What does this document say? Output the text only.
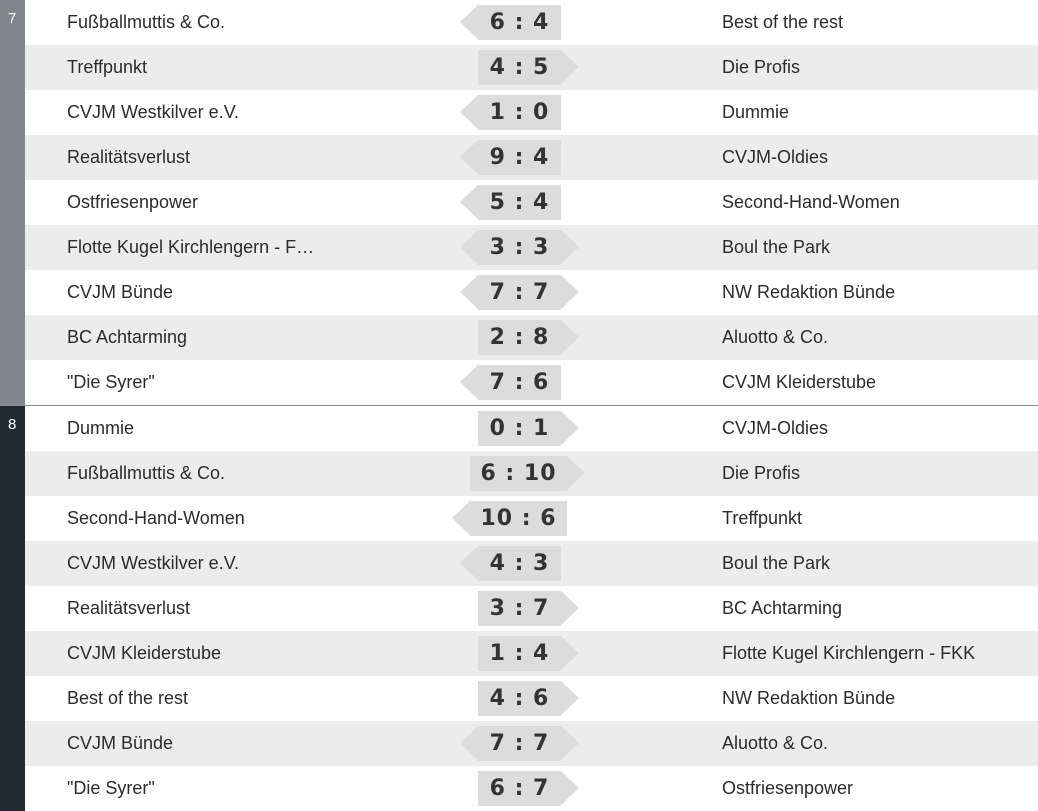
7	Fußballmuttis & Co.	6 : 4	Best of the rest
Treffpunkt	4 : 5	Die Profis
CVJM Westkilver e.V.	1 : 0	Dummie
Realitätsverlust	9 : 4	CVJM-Oldies
Ostfriesenpower	5 : 4	Second-Hand-Women
Flotte Kugel Kirchlengern - F…	3 : 3	Boul the Park
CVJM Bünde	7 : 7	NW Redaktion Bünde
BC Achtarming	2 : 8	Aluotto & Co.
"Die Syrer"	7 : 6	CVJM Kleiderstube
8	Dummie	0 : 1	CVJM-Oldies
Fußballmuttis & Co.	6 : 10	Die Profis
Second-Hand-Women	10 : 6	Treffpunkt
CVJM Westkilver e.V.	4 : 3	Boul the Park
Realitätsverlust	3 : 7	BC Achtarming
CVJM Kleiderstube	1 : 4	Flotte Kugel Kirchlengern - FKK
Best of the rest	4 : 6	NW Redaktion Bünde
CVJM Bünde	7 : 7	Aluotto & Co.
"Die Syrer"	6 : 7	Ostfriesenpower
